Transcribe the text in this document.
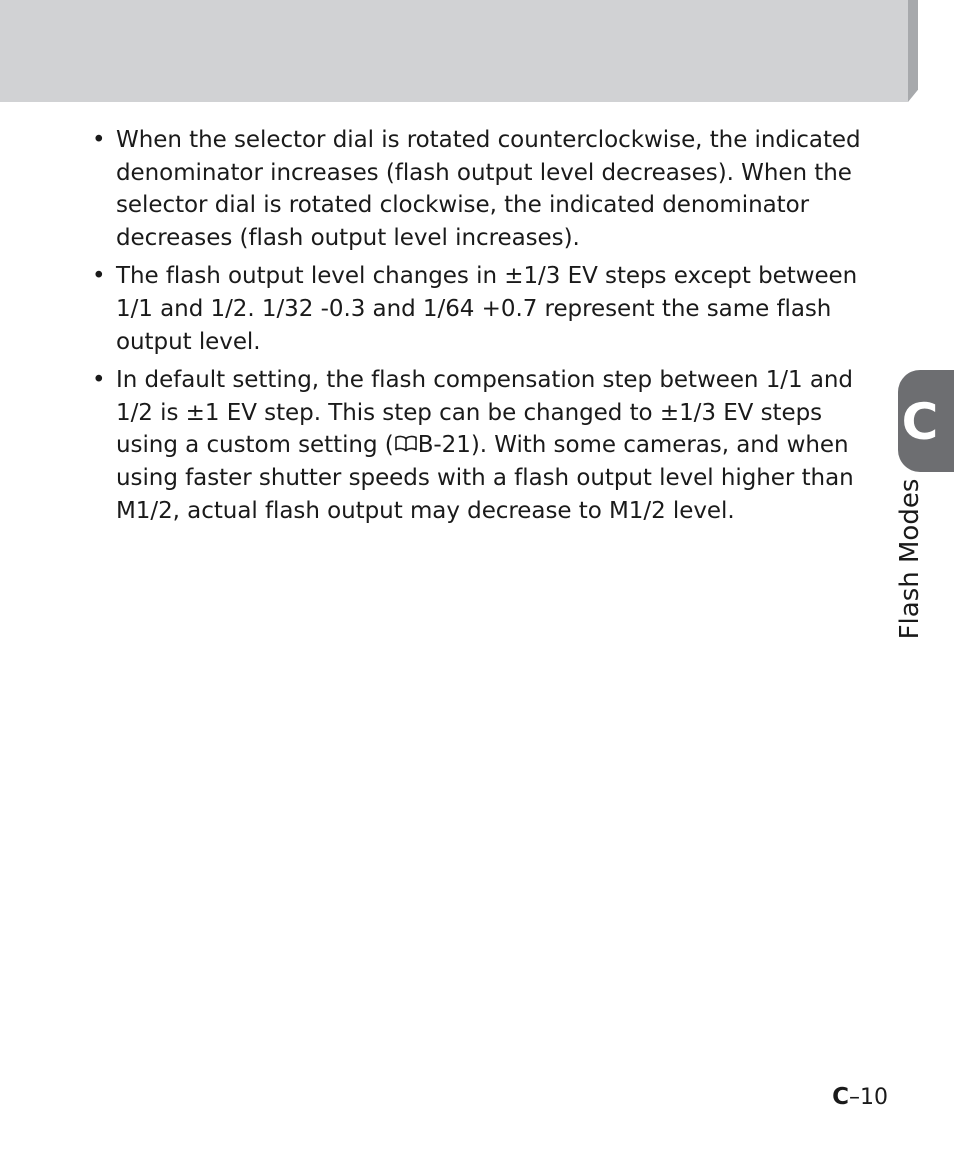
• When the selector dial is rotated counterclockwise, the indicated denominator increases (flash output level decreases). When the selector dial is rotated clockwise, the indicated denominator decreases (flash output level increases).
• The flash output level changes in ±1/3 EV steps except between 1/1 and 1/2. 1/32 -0.3 and 1/64 +0.7 represent the same flash output level.
• In default setting, the flash compensation step between 1/1 and 1/2 is ±1 EV step. This step can be changed to ±1/3 EV steps using a custom setting ( B-21). With some cameras, and when using faster shutter speeds with a flash output level higher than M1/2, actual flash output may decrease to M1/2 level.
C
Flash Modes
C–10
